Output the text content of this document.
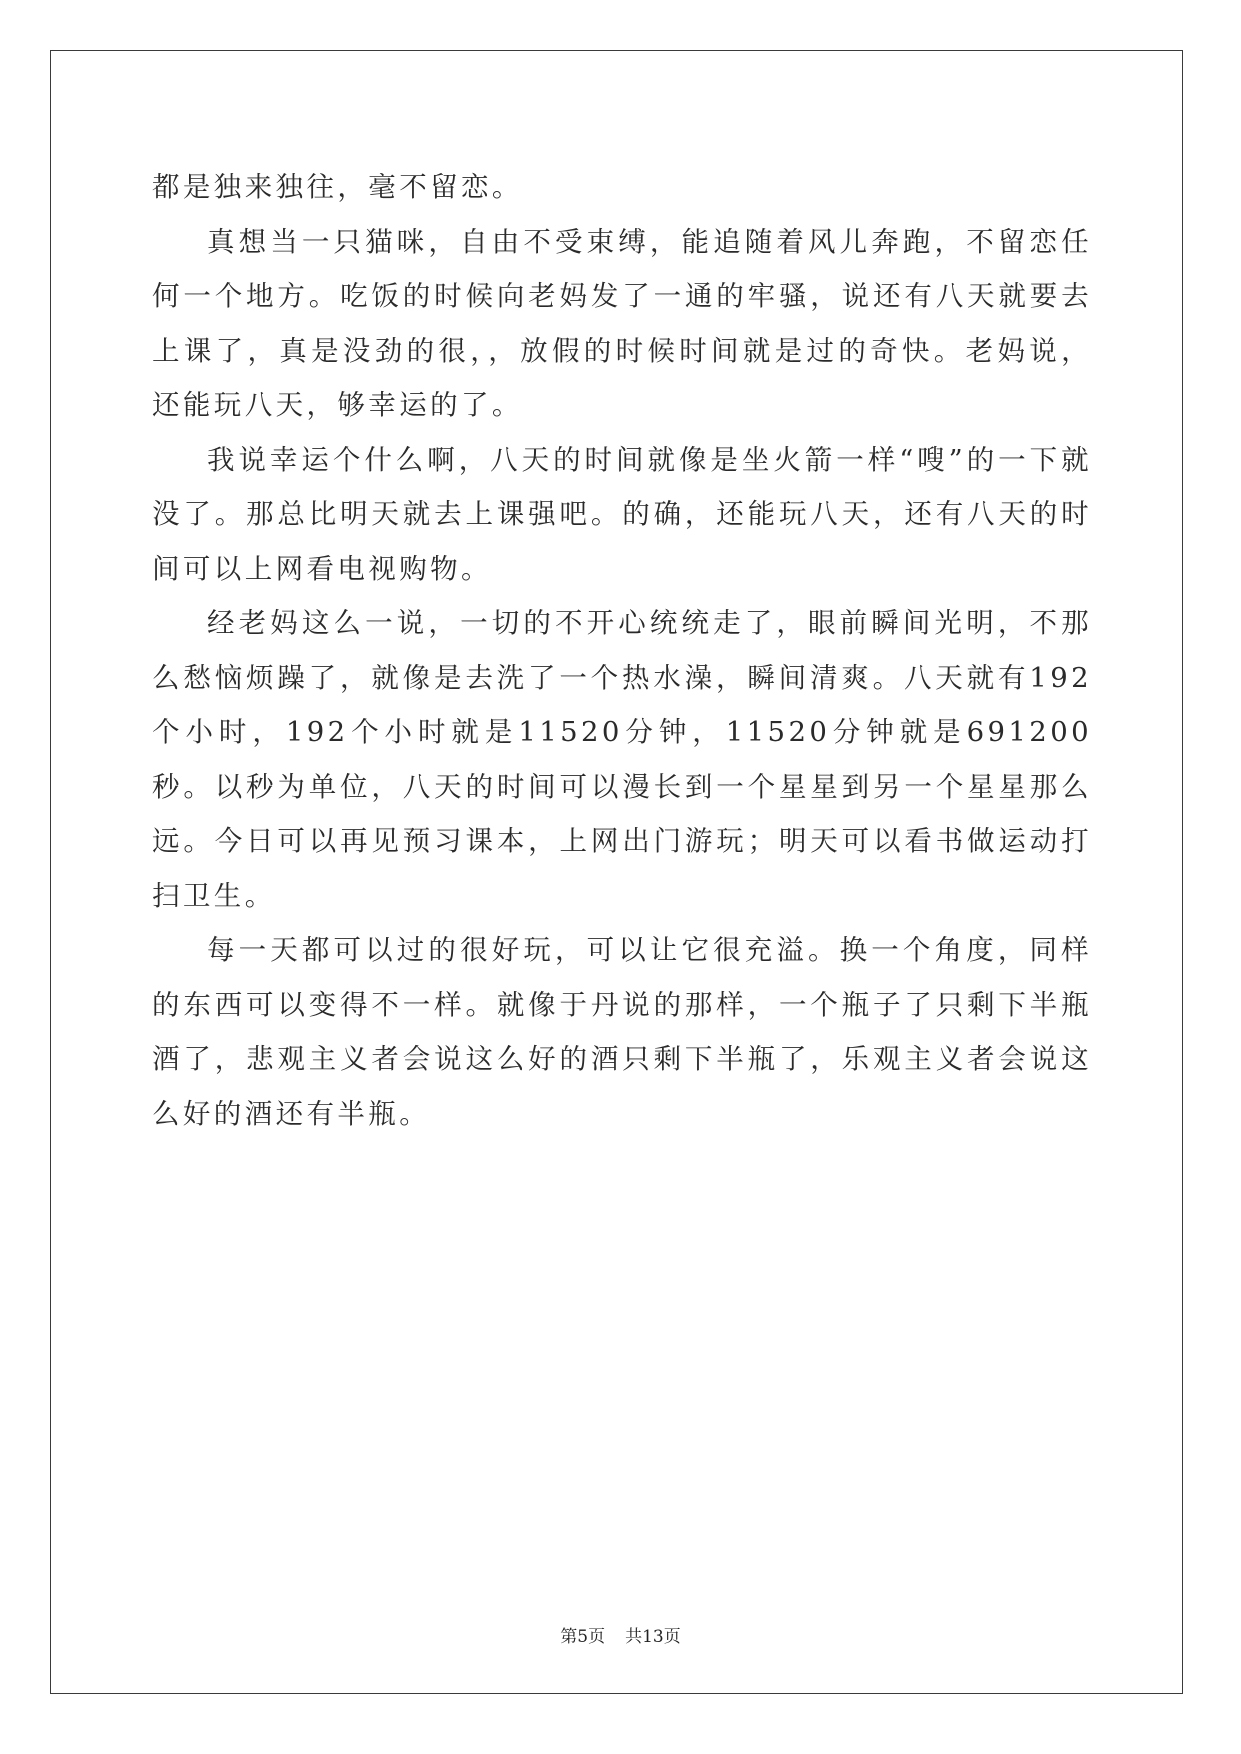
都是独来独往，毫不留恋。

真想当一只猫咪，自由不受束缚，能追随着风儿奔跑，不留恋任何一个地方。吃饭的时候向老妈发了一通的牢骚，说还有八天就要去上课了，真是没劲的很，，放假的时候时间就是过的奇快。老妈说，还能玩八天，够幸运的了。

我说幸运个什么啊，八天的时间就像是坐火箭一样“嗖”的一下就没了。那总比明天就去上课强吧。的确，还能玩八天，还有八天的时间可以上网看电视购物。

经老妈这么一说，一切的不开心统统走了，眼前瞬间光明，不那么愁恼烦躁了，就像是去洗了一个热水澡，瞬间清爽。八天就有192个小时，192个小时就是11520分钟，11520分钟就是691200秒。以秒为单位，八天的时间可以漫长到一个星星到另一个星星那么远。今日可以再见预习课本，上网出门游玩；明天可以看书做运动打扫卫生。

每一天都可以过的很好玩，可以让它很充溢。换一个角度，同样的东西可以变得不一样。就像于丹说的那样，一个瓶子了只剩下半瓶酒了，悲观主义者会说这么好的酒只剩下半瓶了，乐观主义者会说这么好的酒还有半瓶。

第5页 共13页
